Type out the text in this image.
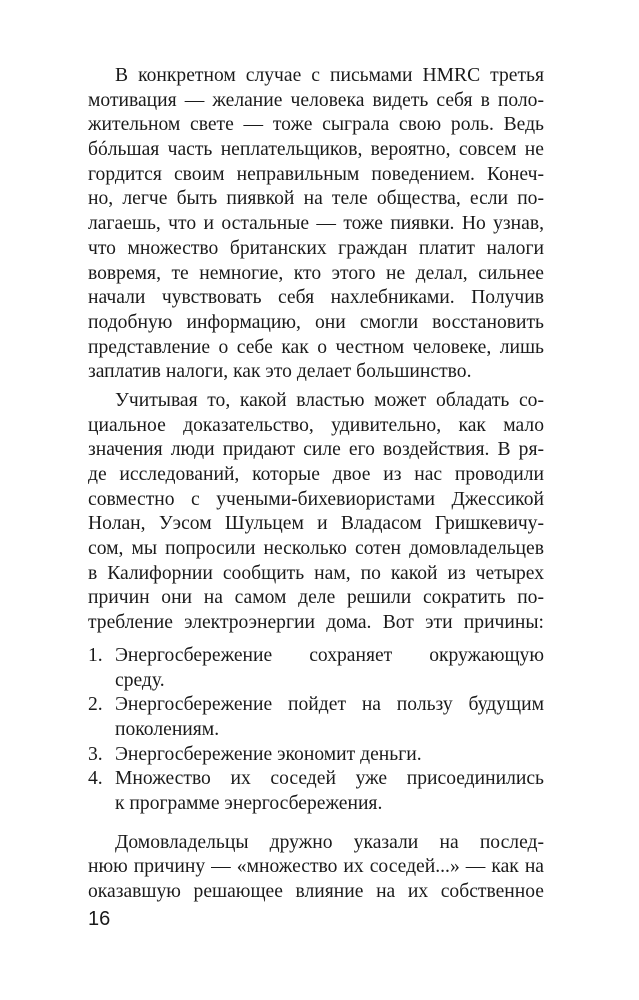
В конкретном случае с письмами HMRC третья
мотивация — желание человека видеть себя в поло-
жительном свете — тоже сыграла свою роль. Ведь
бóльшая часть неплательщиков, вероятно, совсем не
гордится своим неправильным поведением. Конеч-
но, легче быть пиявкой на теле общества, если по-
лагаешь, что и остальные — тоже пиявки. Но узнав,
что множество британских граждан платит налоги
вовремя, те немногие, кто этого не делал, сильнее
начали чувствовать себя нахлебниками. Получив
подобную информацию, они смогли восстановить
представление о себе как о честном человеке, лишь
заплатив налоги, как это делает большинство.
Учитывая то, какой властью может обладать со-
циальное доказательство, удивительно, как мало
значения люди придают силе его воздействия. В ря-
де исследований, которые двое из нас проводили
совместно с учеными-бихевиористами Джессикой
Нолан, Уэсом Шульцем и Владасом Гришкевичу-
сом, мы попросили несколько сотен домовладельцев
в Калифорнии сообщить нам, по какой из четырех
причин они на самом деле решили сократить по-
требление электроэнергии дома. Вот эти причины:
1. Энергосбережение сохраняет окружающую
среду.
2. Энергосбережение пойдет на пользу будущим
поколениям.
3. Энергосбережение экономит деньги.
4. Множество их соседей уже присоединились
к программе энергосбережения.
Домовладельцы дружно указали на послед-
нюю причину — «множество их соседей...» — как на
оказавшую решающее влияние на их собственное
16
